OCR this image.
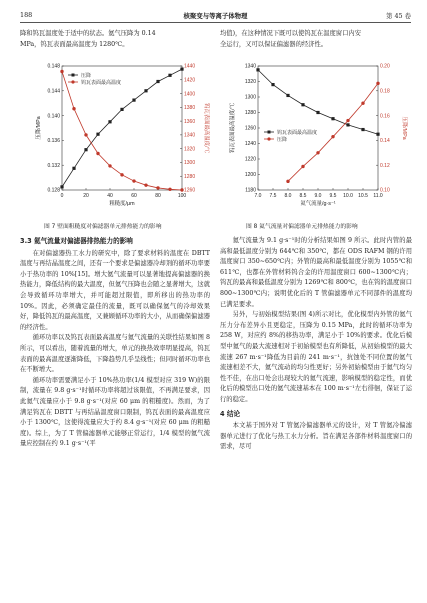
188	核聚变与等离子体物理	第 45 卷
降和钨瓦温度处于适中的状态。氦气压降为 0.14
MPa，钨瓦表面最高温度为 1280℃。
均值)，在这种情况下既可以使钨瓦在温度窗口内安
全运行，又可以保证偏滤器的经济性。
0	20	40	60	80	100
0.128
0.132
0.136
0.140
0.144
0.148
1260
1280
1300
1320
1340
1360
1380
1400
1420
1440
粗糙度/μm
压降/MPa	钨瓦表面最高温度/℃
压降
钨瓦表面最高温度
图 7 壁面粗糙度对偏滤器单元排热能力的影响
7.0 7.5 8.0 8.5 9.0 9.5 10.0 10.5 11.0
1180
1200
1220
1240
1260
1280
1300
1320
1340
0.10
0.12
0.14
0.16
0.18
0.20
氦气流量/g·s⁻¹
钨瓦表面最高温度/℃	压降/MPa
钨瓦表面最高温度
压降
图 8 氦气流量对偏滤器单元排热能力的影响
3.3 氦气流量对偏滤器排热能力的影响

在对偏滤器热工水力的研究中，除了要求材料的温度在 DBTT 温度与再结晶温度之间，还有一个要求是偏滤器冷却剂的循环功率要小于热功率的 10%[15]。增大氦气流量可以显著地提高偏滤器的换热能力，降低结构的最大温度，但氦气压降也会随之显著增大，这就会导致循环功率增大，并可能超过限值，即所移出的热功率的 10%。因此，必须确定最佳的流量，既可以确保氦气的冷却效果好，降低钨瓦的最高温度，又兼顾循环功率的大小，从而确保偏滤器的经济性。

循环功率以及钨瓦表面最高温度与氦气流量的关联性结果如图 8 所示，可以看出，随着流量的增大，单元的换热效率明显提高，钨瓦表面的最高温度逐渐降低，下降趋势几乎呈线性；但同时循环功率也在不断增大。

循环功率需要满足小于 10%热功率(1/4 模型对应 319 W)的限制，流量在 9.8 g·s⁻¹时循环功率将超过该限值，不再满足要求，因此氦气流量应小于 9.8 g·s⁻¹(对应 60 μm 的粗糙度)。然而，为了满足钨瓦在 DBTT 与再结晶温度窗口限制，钨瓦表面的最高温度应小于 1300℃，这使得流量应大于约 8.4 g·s⁻¹(对应 60 μm 的粗糙度)。综上，为了 T 管偏滤器单元能够正常运行，1/4 模型的氦气流量应控制在约 9.1 g·s⁻¹(平

氦气流量为 9.1 g·s⁻¹时的分析结果如图 9 所示。此时内管的最高和最低温度分别为 644℃和 350℃，都在 ODS RAFM 钢的许用温度窗口 350~650℃内；外管的最高和最低温度分别为 1055℃和 611℃，也都在外管材料钨合金的许用温度窗口 600~1300℃内；钨瓦的最高和最低温度分别为 1269℃和 800℃，也在钨的温度窗口 800~1300℃内；说明优化后的 T 管偏滤器单元不同部件的温度均已满足要求。

另外，与初始模型结果(图 4)所示对比，优化模型内外管的氦气压力分布差异小且更稳定，压降为 0.15 MPa，此时的循环功率为 258 W，对应约 8%的移热功率，满足小于 10%的要求。优化后模型中氦气的最大流速相对于初始模型也有所降低，从初始模型的最大流速 267 m·s⁻¹降低为目前的 241 m·s⁻¹，抗蚀处不同位置的氦气流速相差不大，氦气流动的均匀性更好；另外初始模型由于氦气均匀性不佳，在出口处会出现较大的氦气流速，影响模型的稳定性，而优化后的模型出口处的氦气流速基本在 100 m·s⁻¹左右徘徊，保证了运行的稳定。

4 结论

本文基于国外对 T 管氦冷偏滤器单元的设计，对 T 管氦冷偏滤器单元进行了优化与热工水力分析。旨在满足各部件材料温度窗口的需求，尽可
